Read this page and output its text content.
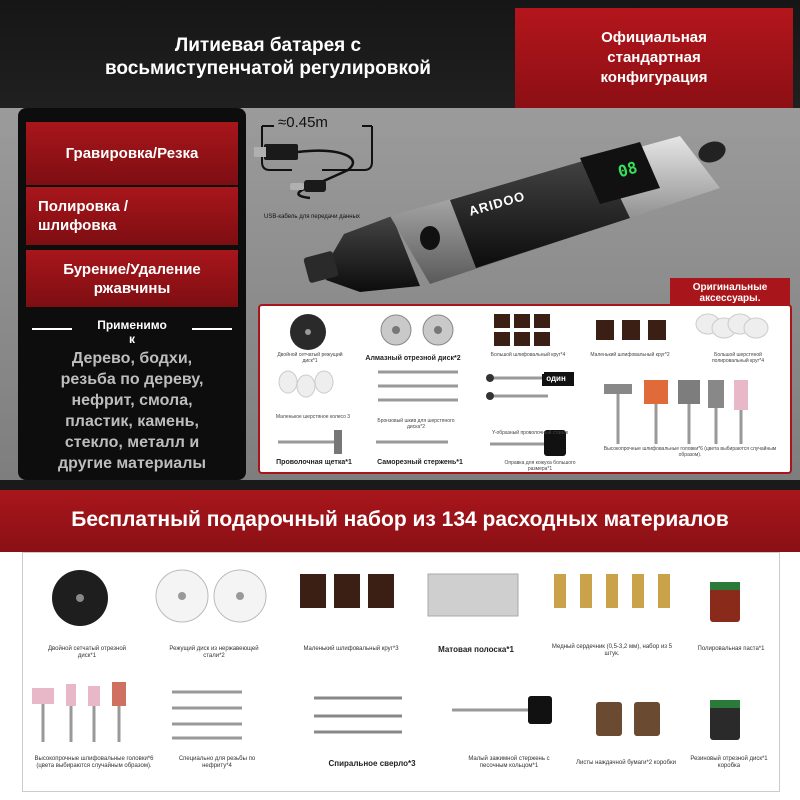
Литиевая батарея с
восьмиступенчатой регулировкой
Официальная
стандартная
конфигурация
Гравировка/Резка
Полировка /
шлифовка
Бурение/Удаление
ржавчины
Применимо
к
Дерево, бодхи,
резьба по дереву,
нефрит, смола,
пластик, камень,
стекло, металл и
другие материалы
≈0.45m
USB-кабель для передачи данных	ARIDOO
08
Оригинальные
аксессуары.
один
Двойной сетчатый режущий диск*1	Алмазный отрезной диск*2	Большой шлифовальный круг*4	Маленький шлифовальный круг*2	Большой шерстяной полировальный круг*4
Маленькое шерстяное колесо 3
Бронзовый шкив для шерстяного диска*2
Y-образный проволочный станок
Высокопрочные шлифовальные головки*6 (цвета выбираются случайным образом).
Проволочная щетка*1	Саморезный стержень*1	Оправка для кожуха большого размера*1
Бесплатный подарочный набор из 134 расходных материалов
Двойной сетчатый отрезной диск*1
Режущий диск из нержавеющей стали*2
Маленький шлифовальный круг*3	Матовая полоска*1	Медный сердечник (0,5-3,2 мм), набор из 5 штук.
Полировальная паста*1
Высокопрочные шлифовальные головки*6 (цвета выбираются случайным образом).
Специально для резьбы по нефриту*4	Спиральное сверло*3	Малый зажимной стержень с песочным кольцом*1	Листы наждачной бумаги*2 коробки
Резиновый отрезной диск*1 коробка
